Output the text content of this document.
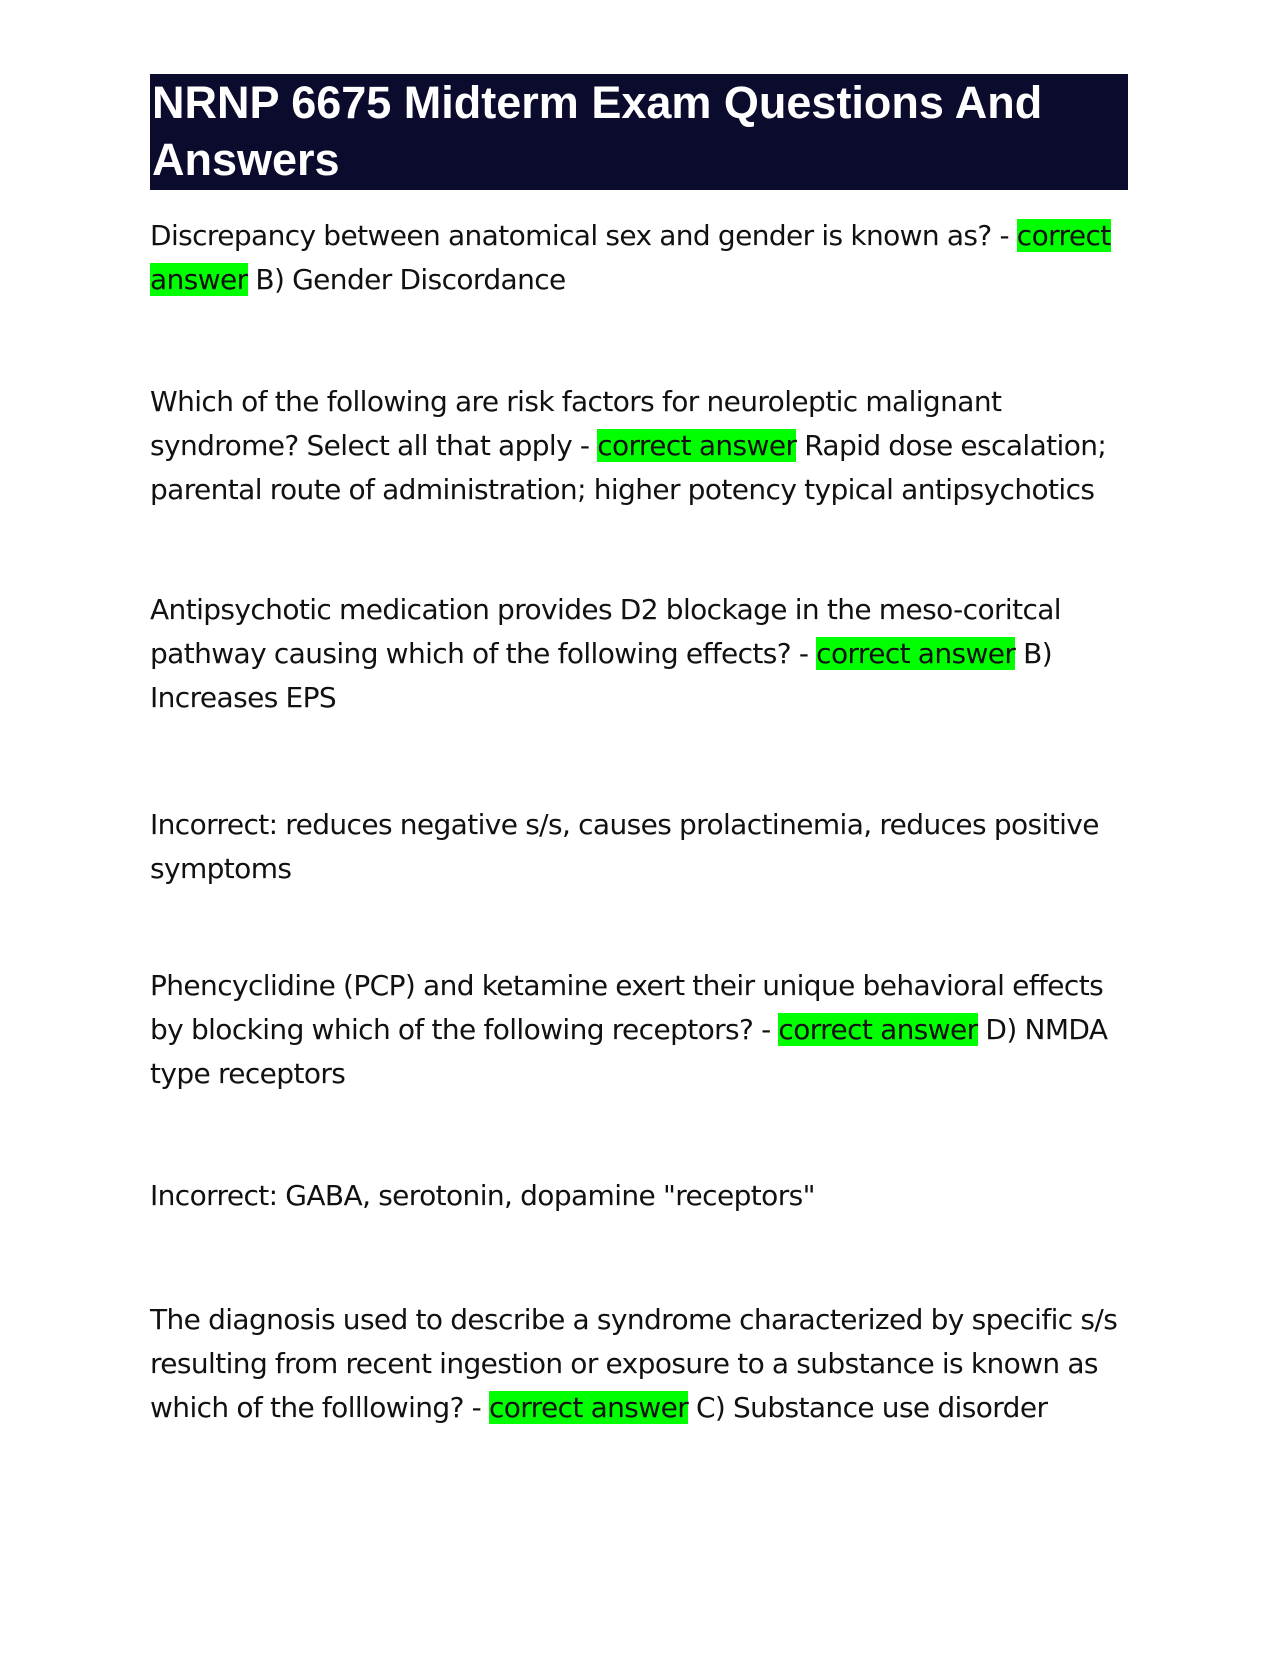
NRNP 6675 Midterm Exam Questions And Answers
Discrepancy between anatomical sex and gender is known as? - correct answer B) Gender Discordance
Which of the following are risk factors for neuroleptic malignant syndrome? Select all that apply - correct answer Rapid dose escalation; parental route of administration; higher potency typical antipsychotics
Antipsychotic medication provides D2 blockage in the meso-coritcal pathway causing which of the following effects? - correct answer B) Increases EPS
Incorrect: reduces negative s/s, causes prolactinemia, reduces positive symptoms
Phencyclidine (PCP) and ketamine exert their unique behavioral effects by blocking which of the following receptors? - correct answer D) NMDA type receptors
Incorrect: GABA, serotonin, dopamine "receptors"
The diagnosis used to describe a syndrome characterized by specific s/s resulting from recent ingestion or exposure to a substance is known as which of the folllowing? - correct answer C) Substance use disorder
